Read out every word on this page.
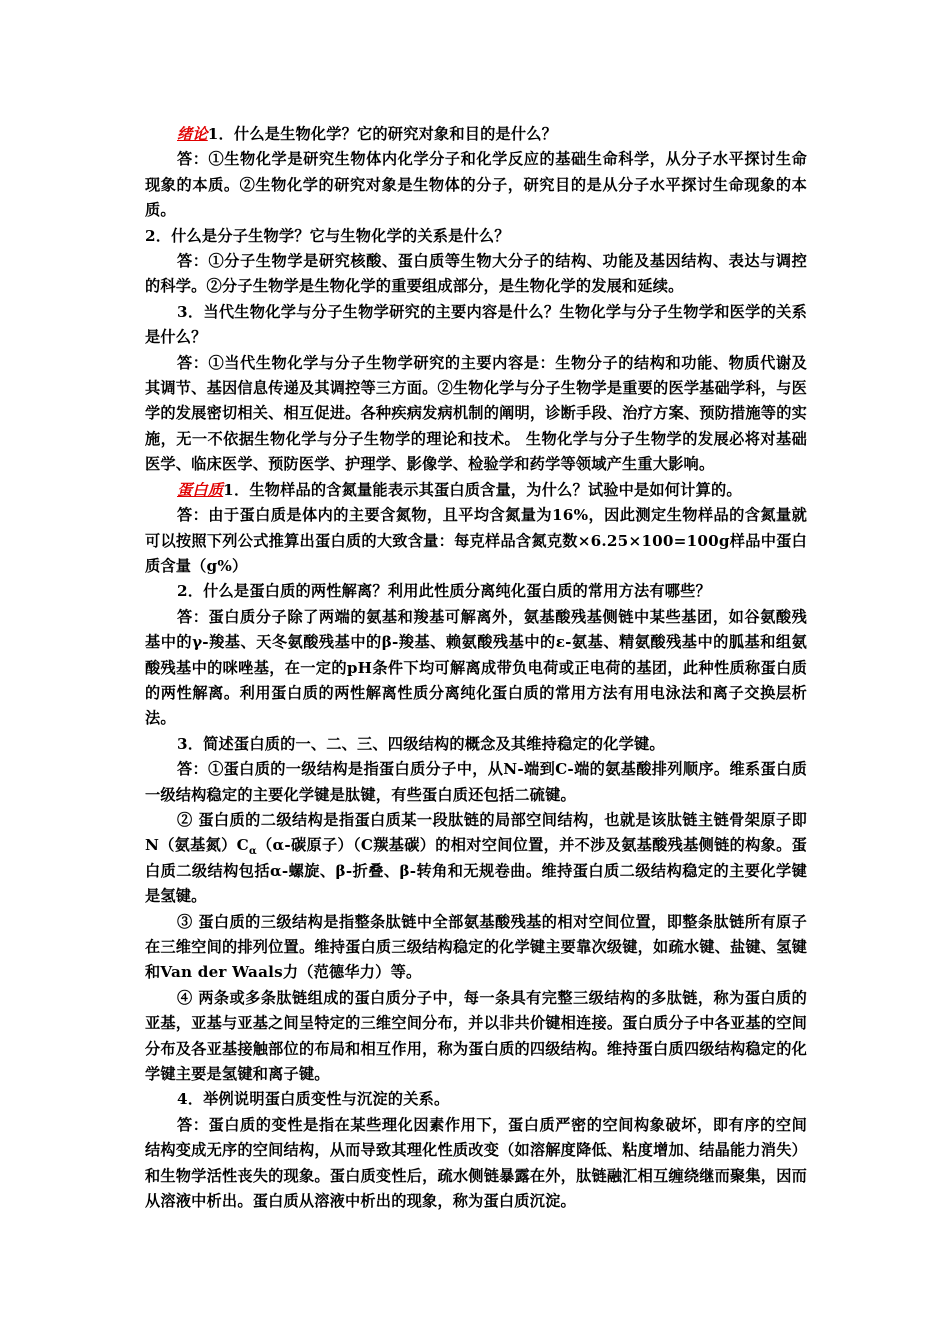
绪论1．什么是生物化学？它的研究对象和目的是什么？

答：①生物化学是研究生物体内化学分子和化学反应的基础生命科学，从分子水平探讨生命现象的本质。②生物化学的研究对象是生物体的分子，研究目的是从分子水平探讨生命现象的本质。

2．什么是分子生物学？它与生物化学的关系是什么？

答：①分子生物学是研究核酸、蛋白质等生物大分子的结构、功能及基因结构、表达与调控的科学。②分子生物学是生物化学的重要组成部分，是生物化学的发展和延续。

3．当代生物化学与分子生物学研究的主要内容是什么？生物化学与分子生物学和医学的关系是什么？

答：①当代生物化学与分子生物学研究的主要内容是：生物分子的结构和功能、物质代谢及其调节、基因信息传递及其调控等三方面。②生物化学与分子生物学是重要的医学基础学科，与医学的发展密切相关、相互促进。各种疾病发病机制的阐明，诊断手段、治疗方案、预防措施等的实施，无一不依据生物化学与分子生物学的理论和技术。 生物化学与分子生物学的发展必将对基础医学、临床医学、预防医学、护理学、影像学、检验学和药学等领域产生重大影响。

蛋白质1．生物样品的含氮量能表示其蛋白质含量，为什么？试验中是如何计算的。

答：由于蛋白质是体内的主要含氮物，且平均含氮量为16%，因此测定生物样品的含氮量就可以按照下列公式推算出蛋白质的大致含量：每克样品含氮克数×6.25×100=100g样品中蛋白质含量（g%）

2．什么是蛋白质的两性解离？利用此性质分离纯化蛋白质的常用方法有哪些？

答：蛋白质分子除了两端的氨基和羧基可解离外，氨基酸残基侧链中某些基团，如谷氨酸残基中的γ-羧基、天冬氨酸残基中的β-羧基、赖氨酸残基中的ε-氨基、精氨酸残基中的胍基和组氨酸残基中的咪唑基，在一定的pH条件下均可解离成带负电荷或正电荷的基团，此种性质称蛋白质的两性解离。利用蛋白质的两性解离性质分离纯化蛋白质的常用方法有用电泳法和离子交换层析法。

3．简述蛋白质的一、二、三、四级结构的概念及其维持稳定的化学键。

答：①蛋白质的一级结构是指蛋白质分子中，从N-端到C-端的氨基酸排列顺序。维系蛋白质一级结构稳定的主要化学键是肽键，有些蛋白质还包括二硫键。

② 蛋白质的二级结构是指蛋白质某一段肽链的局部空间结构，也就是该肽链主链骨架原子即N（氨基氮）$C_\alpha(\alpha-$碳原子）（C羰基碳）的相对空间位置，并不涉及氨基酸残基侧链的构象。蛋白质二级结构包括α-螺旋、β-折叠、β-转角和无规卷曲。维持蛋白质二级结构稳定的主要化学键是氢键。

③ 蛋白质的三级结构是指整条肽链中全部氨基酸残基的相对空间位置，即整条肽链所有原子在三维空间的排列位置。维持蛋白质三级结构稳定的化学键主要靠次级键，如疏水键、盐键、氢键和Van der Waals力（范德华力）等。

④ 两条或多条肽链组成的蛋白质分子中，每一条具有完整三级结构的多肽链，称为蛋白质的亚基，亚基与亚基之间呈特定的三维空间分布，并以非共价键相连接。蛋白质分子中各亚基的空间分布及各亚基接触部位的布局和相互作用，称为蛋白质的四级结构。维持蛋白质四级结构稳定的化学键主要是氢键和离子键。

4．举例说明蛋白质变性与沉淀的关系。

答：蛋白质的变性是指在某些理化因素作用下，蛋白质严密的空间构象破坏，即有序的空间结构变成无序的空间结构，从而导致其理化性质改变（如溶解度降低、粘度增加、结晶能力消失）和生物学活性丧失的现象。蛋白质变性后，疏水侧链暴露在外，肽链融汇相互缠绕继而聚集，因而从溶液中析出。蛋白质从溶液中析出的现象，称为蛋白质沉淀。
